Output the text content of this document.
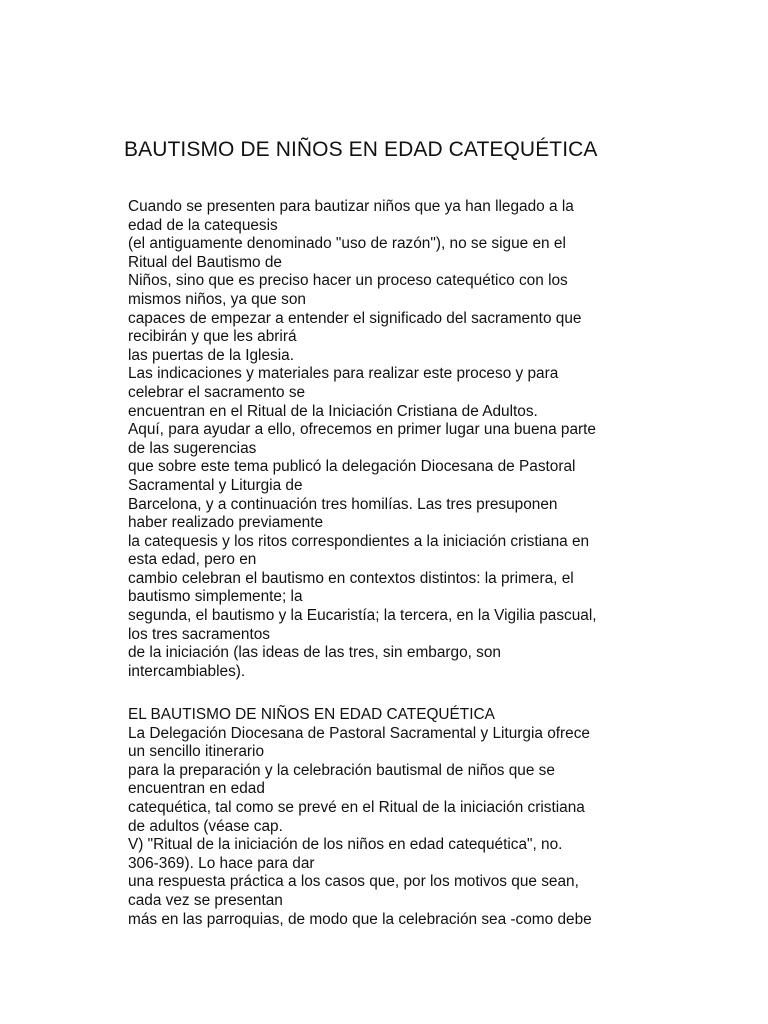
BAUTISMO DE NIÑOS EN EDAD CATEQUÉTICA
Cuando se presenten para bautizar niños que ya han llegado a la
edad de la catequesis
(el antiguamente denominado "uso de razón"), no se sigue en el
Ritual del Bautismo de
Niños, sino que es preciso hacer un proceso catequético con los
mismos niños, ya que son
capaces de empezar a entender el significado del sacramento que
recibirán y que les abrirá
las puertas de la Iglesia.
Las indicaciones y materiales para realizar este proceso y para
celebrar el sacramento se
encuentran en el Ritual de la Iniciación Cristiana de Adultos.
Aquí, para ayudar a ello, ofrecemos en primer lugar una buena parte
de las sugerencias
que sobre este tema publicó la delegación Diocesana de Pastoral
Sacramental y Liturgia de
Barcelona, y a continuación tres homilías. Las tres presuponen
haber realizado previamente
la catequesis y los ritos correspondientes a la iniciación cristiana en
esta edad, pero en
cambio celebran el bautismo en contextos distintos: la primera, el
bautismo simplemente; la
segunda, el bautismo y la Eucaristía; la tercera, en la Vigilia pascual,
los tres sacramentos
de la iniciación (las ideas de las tres, sin embargo, son
intercambiables).
EL BAUTISMO DE NIÑOS EN EDAD CATEQUÉTICA
La Delegación Diocesana de Pastoral Sacramental y Liturgia ofrece
un sencillo itinerario
para la preparación y la celebración bautismal de niños que se
encuentran en edad
catequética, tal como se prevé en el Ritual de la iniciación cristiana
de adultos (véase cap.
V) "Ritual de la iniciación de los niños en edad catequética", no.
306-369). Lo hace para dar
una respuesta práctica a los casos que, por los motivos que sean,
cada vez se presentan
más en las parroquias, de modo que la celebración sea -como debe
